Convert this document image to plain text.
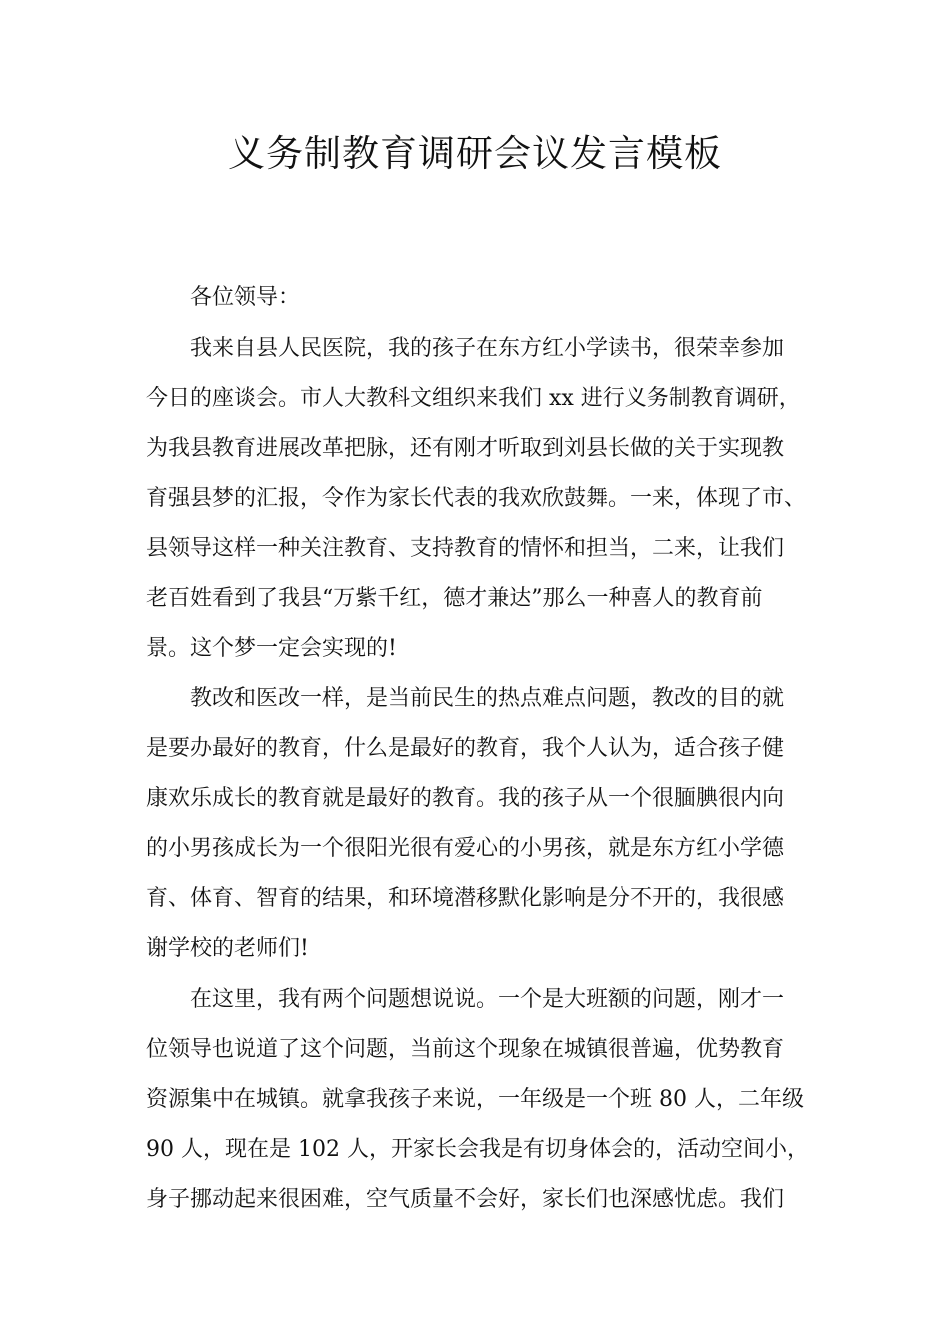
义务制教育调研会议发言模板
各位领导：
我来自县人民医院，我的孩子在东方红小学读书，很荣幸参加
今日的座谈会。市人大教科文组织来我们 xx 进行义务制教育调研，
为我县教育进展改革把脉，还有刚才听取到刘县长做的关于实现教
育强县梦的汇报，令作为家长代表的我欢欣鼓舞。一来，体现了市、
县领导这样一种关注教育、支持教育的情怀和担当，二来，让我们
老百姓看到了我县“万紫千红，德才兼达”那么一种喜人的教育前
景。这个梦一定会实现的!
教改和医改一样，是当前民生的热点难点问题，教改的目的就
是要办最好的教育，什么是最好的教育，我个人认为，适合孩子健
康欢乐成长的教育就是最好的教育。我的孩子从一个很腼腆很内向
的小男孩成长为一个很阳光很有爱心的小男孩，就是东方红小学德
育、体育、智育的结果，和环境潜移默化影响是分不开的，我很感
谢学校的老师们!
在这里，我有两个问题想说说。一个是大班额的问题，刚才一
位领导也说道了这个问题，当前这个现象在城镇很普遍，优势教育
资源集中在城镇。就拿我孩子来说，一年级是一个班 80 人，二年级
90 人，现在是 102 人，开家长会我是有切身体会的，活动空间小，
身子挪动起来很困难，空气质量不会好，家长们也深感忧虑。我们
